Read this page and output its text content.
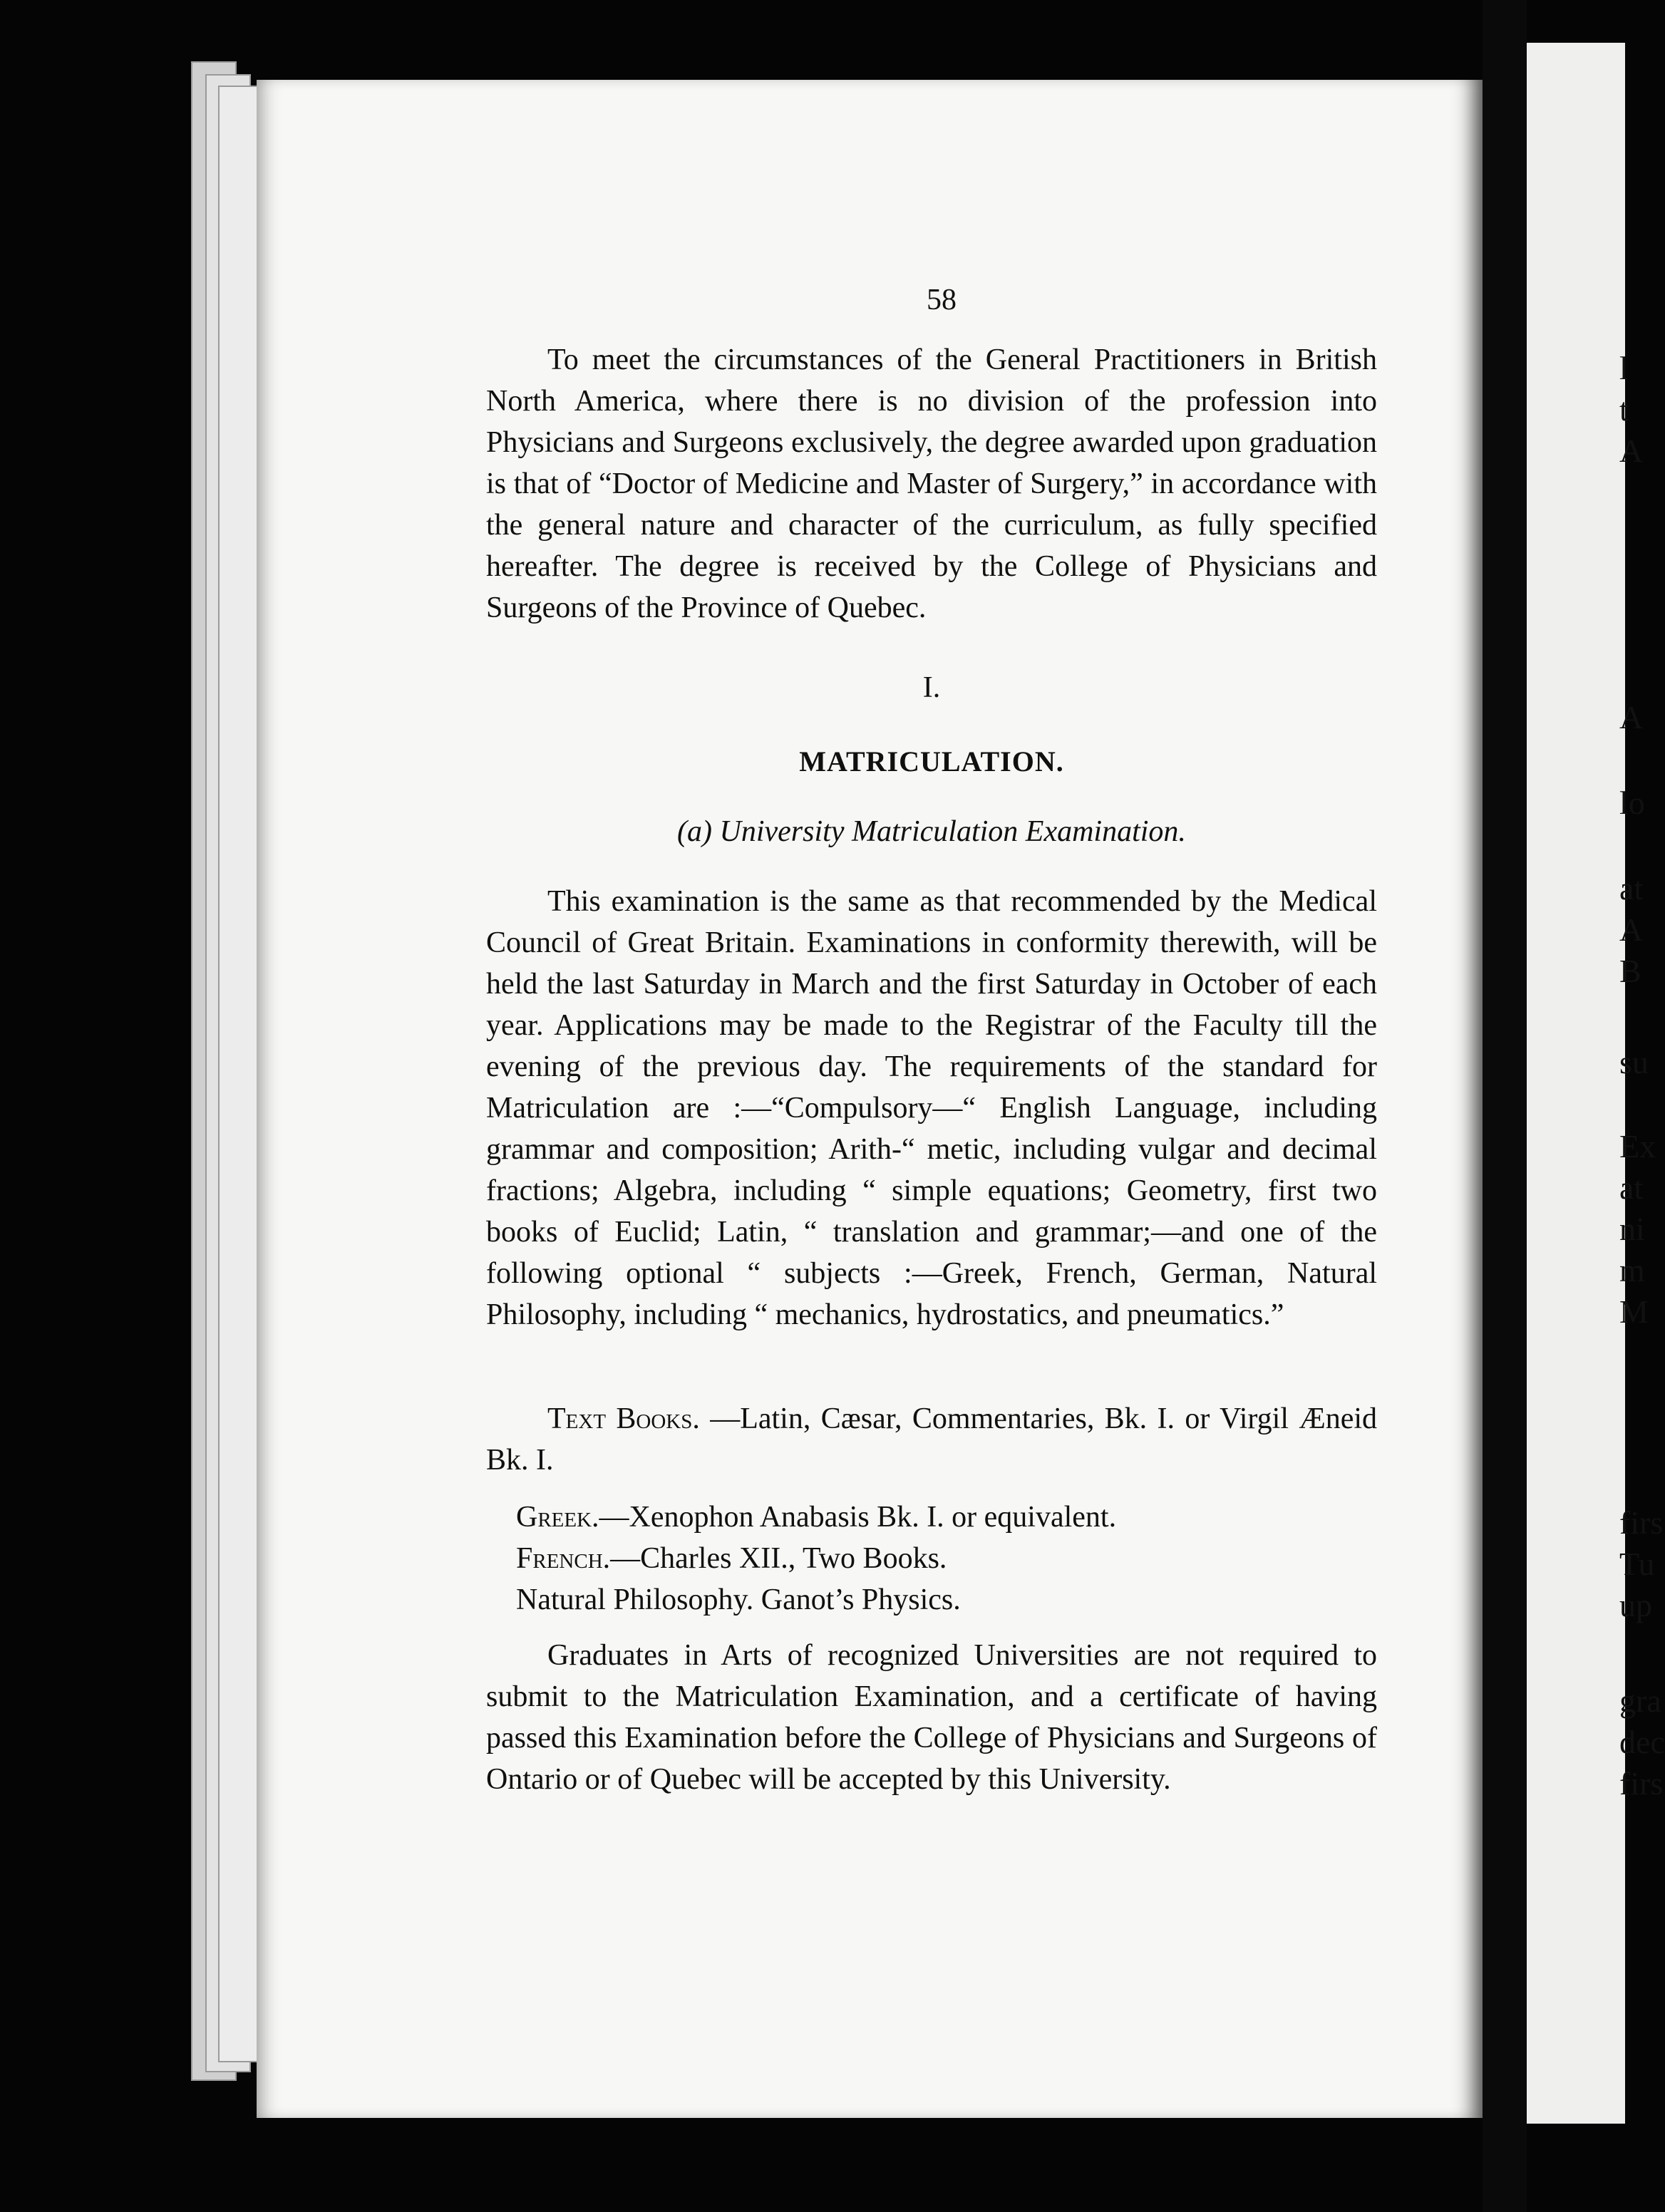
l
t
A
A
lo
at
A
B
su
Ex
at
ni
m
M
firs
Tu
up
gra
dec
firs
58

To meet the circumstances of the General Practitioners in British North America, where there is no division of the profession into Physicians and Surgeons exclusively, the degree awarded upon graduation is that of “Doctor of Medicine and Master of Surgery,” in accordance with the general nature and character of the curriculum, as fully specified hereafter. The degree is received by the College of Physicians and Surgeons of the Province of Quebec.

I.
MATRICULATION.
(a) University Matriculation Examination.

This examination is the same as that recommended by the Medical Council of Great Britain. Examinations in conformity therewith, will be held the last Saturday in March and the first Saturday in October of each year. Applications may be made to the Registrar of the Faculty till the evening of the previous day. The requirements of the standard for Matriculation are :—“Compulsory—“ English Language, including grammar and composition; Arith-“ metic, including vulgar and decimal fractions; Algebra, including “ simple equations; Geometry, first two books of Euclid; Latin, “ translation and grammar;—and one of the following optional “ subjects :—Greek, French, German, Natural Philosophy, including “ mechanics, hydrostatics, and pneumatics.”

Text Books. —Latin, Cæsar, Commentaries, Bk. I. or Virgil Æneid Bk. I.

Greek.—Xenophon Anabasis Bk. I. or equivalent.
French.—Charles XII., Two Books.
Natural Philosophy. Ganot’s Physics.

Graduates in Arts of recognized Universities are not required to submit to the Matriculation Examination, and a certificate of having passed this Examination before the College of Physicians and Surgeons of Ontario or of Quebec will be accepted by this University.
